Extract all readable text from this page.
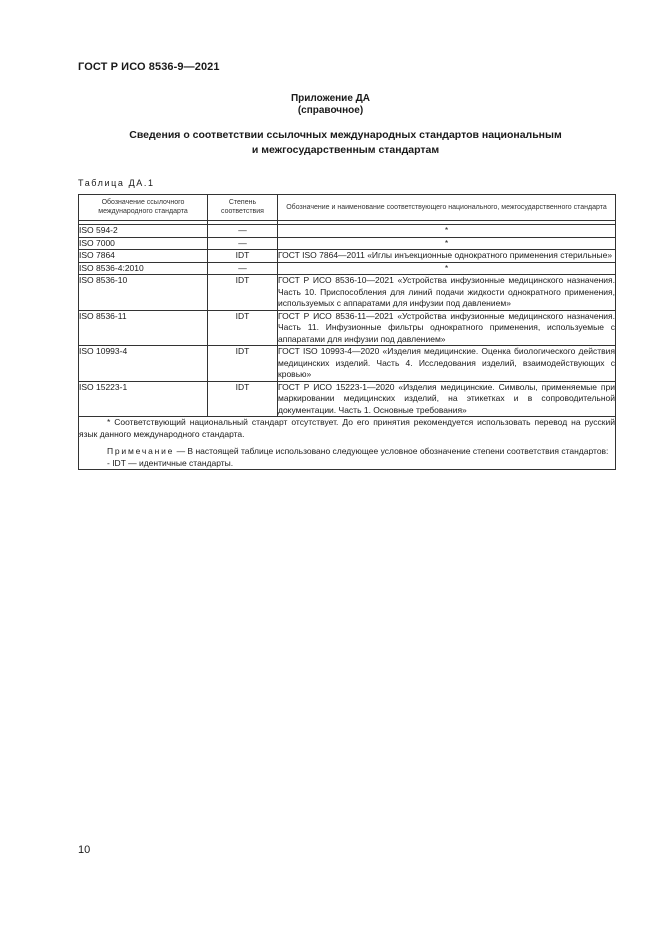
ГОСТ Р ИСО 8536-9—2021
Приложение ДА
(справочное)
Сведения о соответствии ссылочных международных стандартов национальным
и межгосударственным стандартам
Таблица ДА.1
Обозначение ссылочного международного стандарта	Степень соответствия	Обозначение и наименование соответствующего национального, межгосударственного стандарта

ISO 594-2	—	*
ISO 7000	—	*
ISO 7864	IDT	ГОСТ ISO 7864—2011 «Иглы инъекционные однократного применения стерильные»
ISO 8536-4:2010	—	*
ISO 8536-10	IDT	ГОСТ Р ИСО 8536-10—2021 «Устройства инфузионные медицинского назначения. Часть 10. Приспособления для линий подачи жидкости однократного применения, используемых с аппаратами для инфузии под давлением»
ISO 8536-11	IDT	ГОСТ Р ИСО 8536-11—2021 «Устройства инфузионные медицинского назначения. Часть 11. Инфузионные фильтры однократного применения, используемые с аппаратами для инфузии под давлением»
ISO 10993-4	IDT	ГОСТ ISO 10993-4—2020 «Изделия медицинские. Оценка биологического действия медицинских изделий. Часть 4. Исследования изделий, взаимодействующих с кровью»
ISO 15223-1	IDT	ГОСТ Р ИСО 15223-1—2020 «Изделия медицинские. Символы, применяемые при маркировании медицинских изделий, на этикетках и в сопроводительной документации. Часть 1. Основные требования»

* Соответствующий национальный стандарт отсутствует. До его принятия рекомендуется использовать перевод на русский язык данного международного стандарта.

Примечание — В настоящей таблице использовано следующее условное обозначение степени соответствия стандартов:

- IDT — идентичные стандарты.		

10
